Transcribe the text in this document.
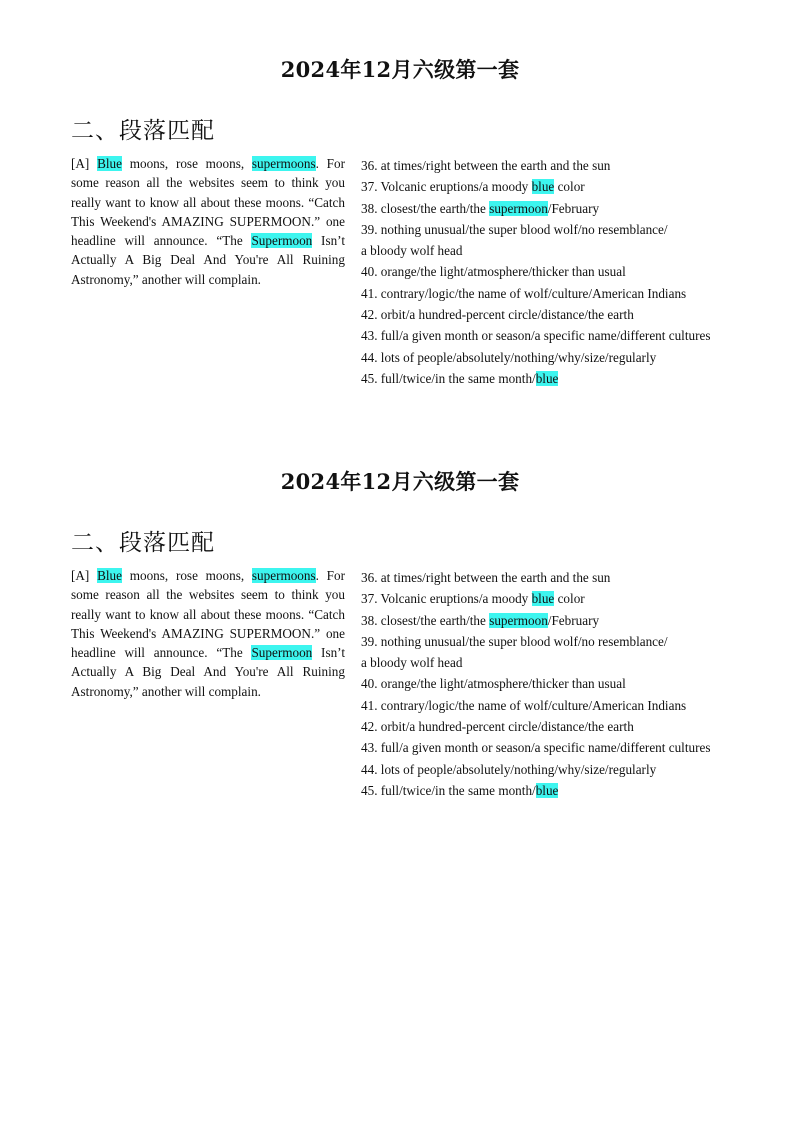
2024年12月六级第一套
二、段落匹配
[A] Blue moons, rose moons, supermoons. For some reason all the websites seem to think you really want to know all about these moons. “Catch This Weekend's AMAZING SUPERMOON.” one headline will announce. “The Supermoon Isn’t Actually A Big Deal And You're All Ruining Astronomy,” another will complain.
36. at times/right between the earth and the sun
37. Volcanic eruptions/a moody blue color
38. closest/the earth/the supermoon/February
39. nothing unusual/the super blood wolf/no resemblance/
a bloody wolf head
40. orange/the light/atmosphere/thicker than usual
41. contrary/logic/the name of wolf/culture/American Indians
42. orbit/a hundred-percent circle/distance/the earth
43. full/a given month or season/a specific name/different cultures
44. lots of people/absolutely/nothing/why/size/regularly
45. full/twice/in the same month/blue
2024年12月六级第一套
二、段落匹配
[A] Blue moons, rose moons, supermoons. For some reason all the websites seem to think you really want to know all about these moons. “Catch This Weekend's AMAZING SUPERMOON.” one headline will announce. “The Supermoon Isn’t Actually A Big Deal And You're All Ruining Astronomy,” another will complain.
36. at times/right between the earth and the sun
37. Volcanic eruptions/a moody blue color
38. closest/the earth/the supermoon/February
39. nothing unusual/the super blood wolf/no resemblance/
a bloody wolf head
40. orange/the light/atmosphere/thicker than usual
41. contrary/logic/the name of wolf/culture/American Indians
42. orbit/a hundred-percent circle/distance/the earth
43. full/a given month or season/a specific name/different cultures
44. lots of people/absolutely/nothing/why/size/regularly
45. full/twice/in the same month/blue
